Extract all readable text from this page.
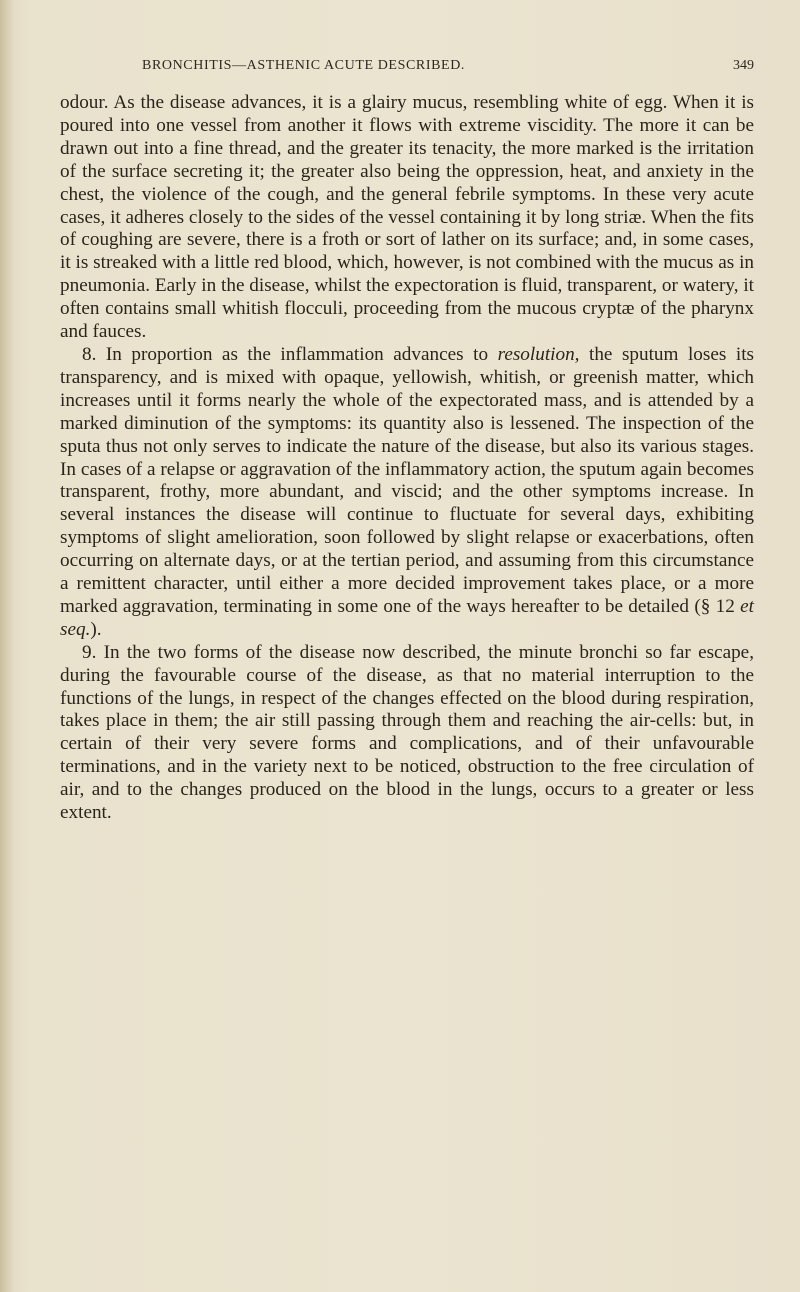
BRONCHITIS—ASTHENIC ACUTE DESCRIBED.	349

odour. As the disease advances, it is a glairy mucus, resembling white of egg. When it is poured into one vessel from another it flows with extreme viscidity. The more it can be drawn out into a fine thread, and the greater its tenacity, the more marked is the irritation of the surface secreting it; the greater also being the oppression, heat, and anxiety in the chest, the violence of the cough, and the general febrile symptoms. In these very acute cases, it adheres closely to the sides of the vessel containing it by long striæ. When the fits of coughing are severe, there is a froth or sort of lather on its surface; and, in some cases, it is streaked with a little red blood, which, however, is not combined with the mucus as in pneumonia. Early in the disease, whilst the expectoration is fluid, transparent, or watery, it often contains small whitish flocculi, proceeding from the mucous cryptæ of the pharynx and fauces.

8. In proportion as the inflammation advances to resolution, the sputum loses its transparency, and is mixed with opaque, yellowish, whitish, or greenish matter, which increases until it forms nearly the whole of the expectorated mass, and is attended by a marked diminution of the symptoms: its quantity also is lessened. The inspection of the sputa thus not only serves to indicate the nature of the disease, but also its various stages. In cases of a relapse or aggravation of the inflammatory action, the sputum again becomes transparent, frothy, more abundant, and viscid; and the other symptoms increase. In several instances the disease will continue to fluctuate for several days, exhibiting symptoms of slight amelioration, soon followed by slight relapse or exacerbations, often occurring on alternate days, or at the tertian period, and assuming from this circumstance a remittent character, until either a more decided improvement takes place, or a more marked aggravation, terminating in some one of the ways hereafter to be detailed (§ 12 et seq.).

9. In the two forms of the disease now described, the minute bronchi so far escape, during the favourable course of the disease, as that no material interruption to the functions of the lungs, in respect of the changes effected on the blood during respiration, takes place in them; the air still passing through them and reaching the air-cells: but, in certain of their very severe forms and complications, and of their unfavourable terminations, and in the variety next to be noticed, obstruction to the free circulation of air, and to the changes produced on the blood in the lungs, occurs to a greater or less extent.
